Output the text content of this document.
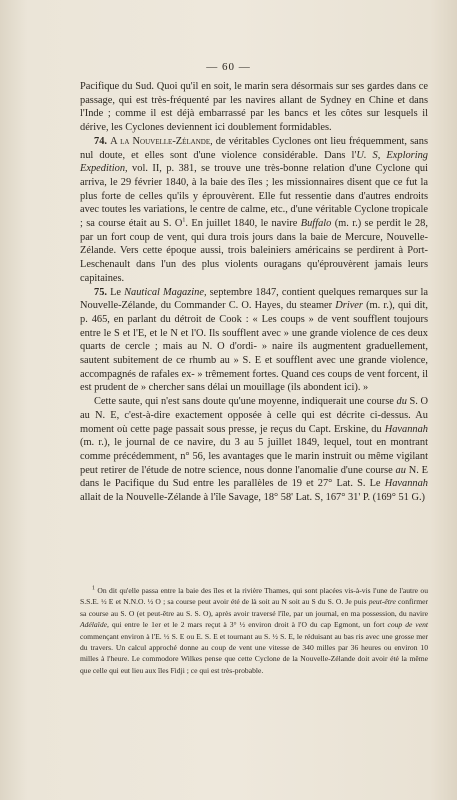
— 60 —

Pacifique du Sud. Quoi qu'il en soit, le marin sera désormais sur ses gardes dans ce passage, qui est très-fréquenté par les navires allant de Sydney en Chine et dans l'Inde ; comme il est déjà embarrassé par les bancs et les côtes sur lesquels il dérive, les Cyclones deviennent ici doublement formidables.

74. A la Nouvelle-Zélande, de véritables Cyclones ont lieu fréquemment, sans nul doute, et elles sont d'une violence considérable. Dans l'U. S, Exploring Expedition, vol. II, p. 381, se trouve une très-bonne relation d'une Cyclone qui arriva, le 29 février 1840, à la baie des îles ; les missionnaires disent que ce fut la plus forte de celles qu'ils y éprouvèrent. Elle fut ressentie dans d'autres endroits avec toutes les variations, le centre de calme, etc., d'une véritable Cyclone tropicale ; sa course était au S. $O^1$. En juillet 1840, le navire Buffalo (m. r.) se perdit le 28, par un fort coup de vent, qui dura trois jours dans la baie de Mercure, Nouvelle-Zélande. Vers cette époque aussi, trois baleiniers américains se perdirent à Port-Leschenault dans l'un des plus violents ouragans qu'éprouvèrent jamais leurs capitaines.

75. Le Nautical Magazine, septembre 1847, contient quelques remarques sur la Nouvelle-Zélande, du Commander C. O. Hayes, du steamer Driver (m. r.), qui dit, p. 465, en parlant du détroit de Cook : « Les coups » de vent soufflent toujours entre le S et l'E, et le N et l'O. Ils soufflent avec » une grande violence de ces deux quarts de cercle ; mais au N. O d'ordi- » naire ils augmentent graduellement, sautent subitement de ce rhumb au » S. E et soufflent avec une grande violence, accompagnés de rafales ex- » trêmement fortes. Quand ces coups de vent forcent, il est prudent de » chercher sans délai un mouillage (ils abondent ici). »

Cette saute, qui n'est sans doute qu'une moyenne, indiquerait une course du S. O au N. E, c'est-à-dire exactement opposée à celle qui est décrite ci-dessus. Au moment où cette page passait sous presse, je reçus du Capt. Erskine, du Havannah (m. r.), le journal de ce navire, du 3 au 5 juillet 1849, lequel, tout en montrant comme précédemment, n° 56, les avantages que le marin instruit ou même vigilant peut retirer de l'étude de notre science, nous donne l'anomalie d'une course au N. E dans le Pacifique du Sud entre les parallèles de 19 et 27° Lat. S. Le Havannah allait de la Nouvelle-Zélande à l'île Savage, 18° 58' Lat. S, 167° 31' P. (169° 51 G.)

$^1$ On dit qu'elle passa entre la baie des îles et la rivière Thames, qui sont placées vis-à-vis l'une de l'autre ou S.S.E. ½ E et N.N.O. ½ O ; sa course peut avoir été de là soit au N soit au S du S. O. Je puis peut-être confirmer sa course au S. O (et peut-être au S. S. O), après avoir traversé l'île, par un journal, en ma possession, du navire Adélaïde, qui entre le 1er et le 2 mars reçut à 3° ½ environ droit à l'O du cap Egmont, un fort coup de vent commençant environ à l'E. ½ S. E ou E. S. E et tournant au S. ½ S. E, le réduisant au bas ris avec une grosse mer du travers. Un calcul approché donne au coup de vent une vitesse de 340 milles par 36 heures ou environ 10 milles à l'heure. Le commodore Wilkes pense que cette Cyclone de la Nouvelle-Zélande doit avoir été la même que celle qui eut lieu aux îles Fidji ; ce qui est très-probable.
